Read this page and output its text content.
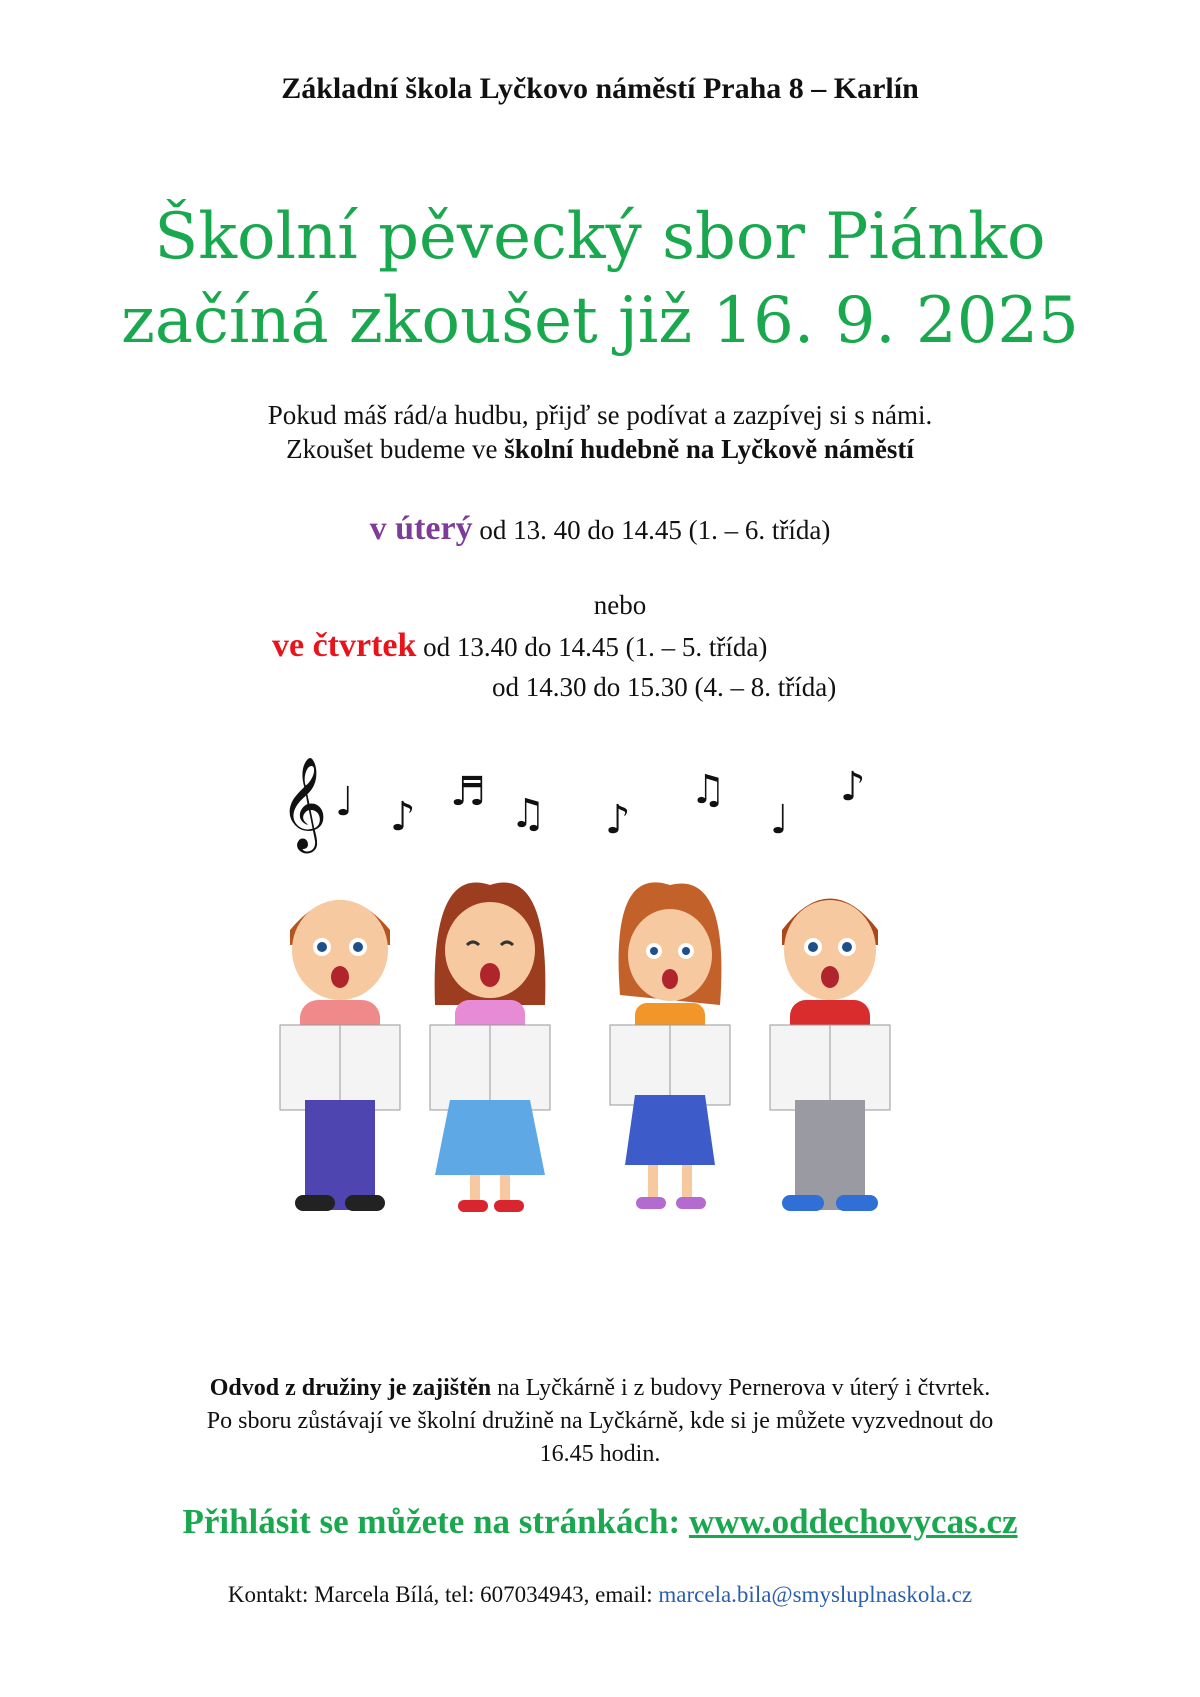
Základní škola Lyčkovo náměstí Praha 8 – Karlín
Školní pěvecký sbor Piánko
začíná zkoušet již 16. 9. 2025
Pokud máš rád/a hudbu, přijď se podívat a zazpívej si s námi.
Zkoušet budeme ve školní hudebně na Lyčkově náměstí
v úterý od 13. 40 do 14.45 (1. – 6. třída)
nebo
ve čtvrtek od 13.40 do 14.45 (1. – 5. třída)
od 14.30 do 15.30 (4. – 8. třída)
𝄞 ♩ ♪
♬ ♫ ♪
♫
♩
♪
Odvod z družiny je zajištěn na Lyčkárně i z budovy Pernerova v úterý i čtvrtek.
Po sboru zůstávají ve školní družině na Lyčkárně, kde si je můžete vyzvednout do
16.45 hodin.
Přihlásit se můžete na stránkách: www.oddechovycas.cz
Kontakt: Marcela Bílá, tel: 607034943, email: marcela.bila@smysluplnaskola.cz
